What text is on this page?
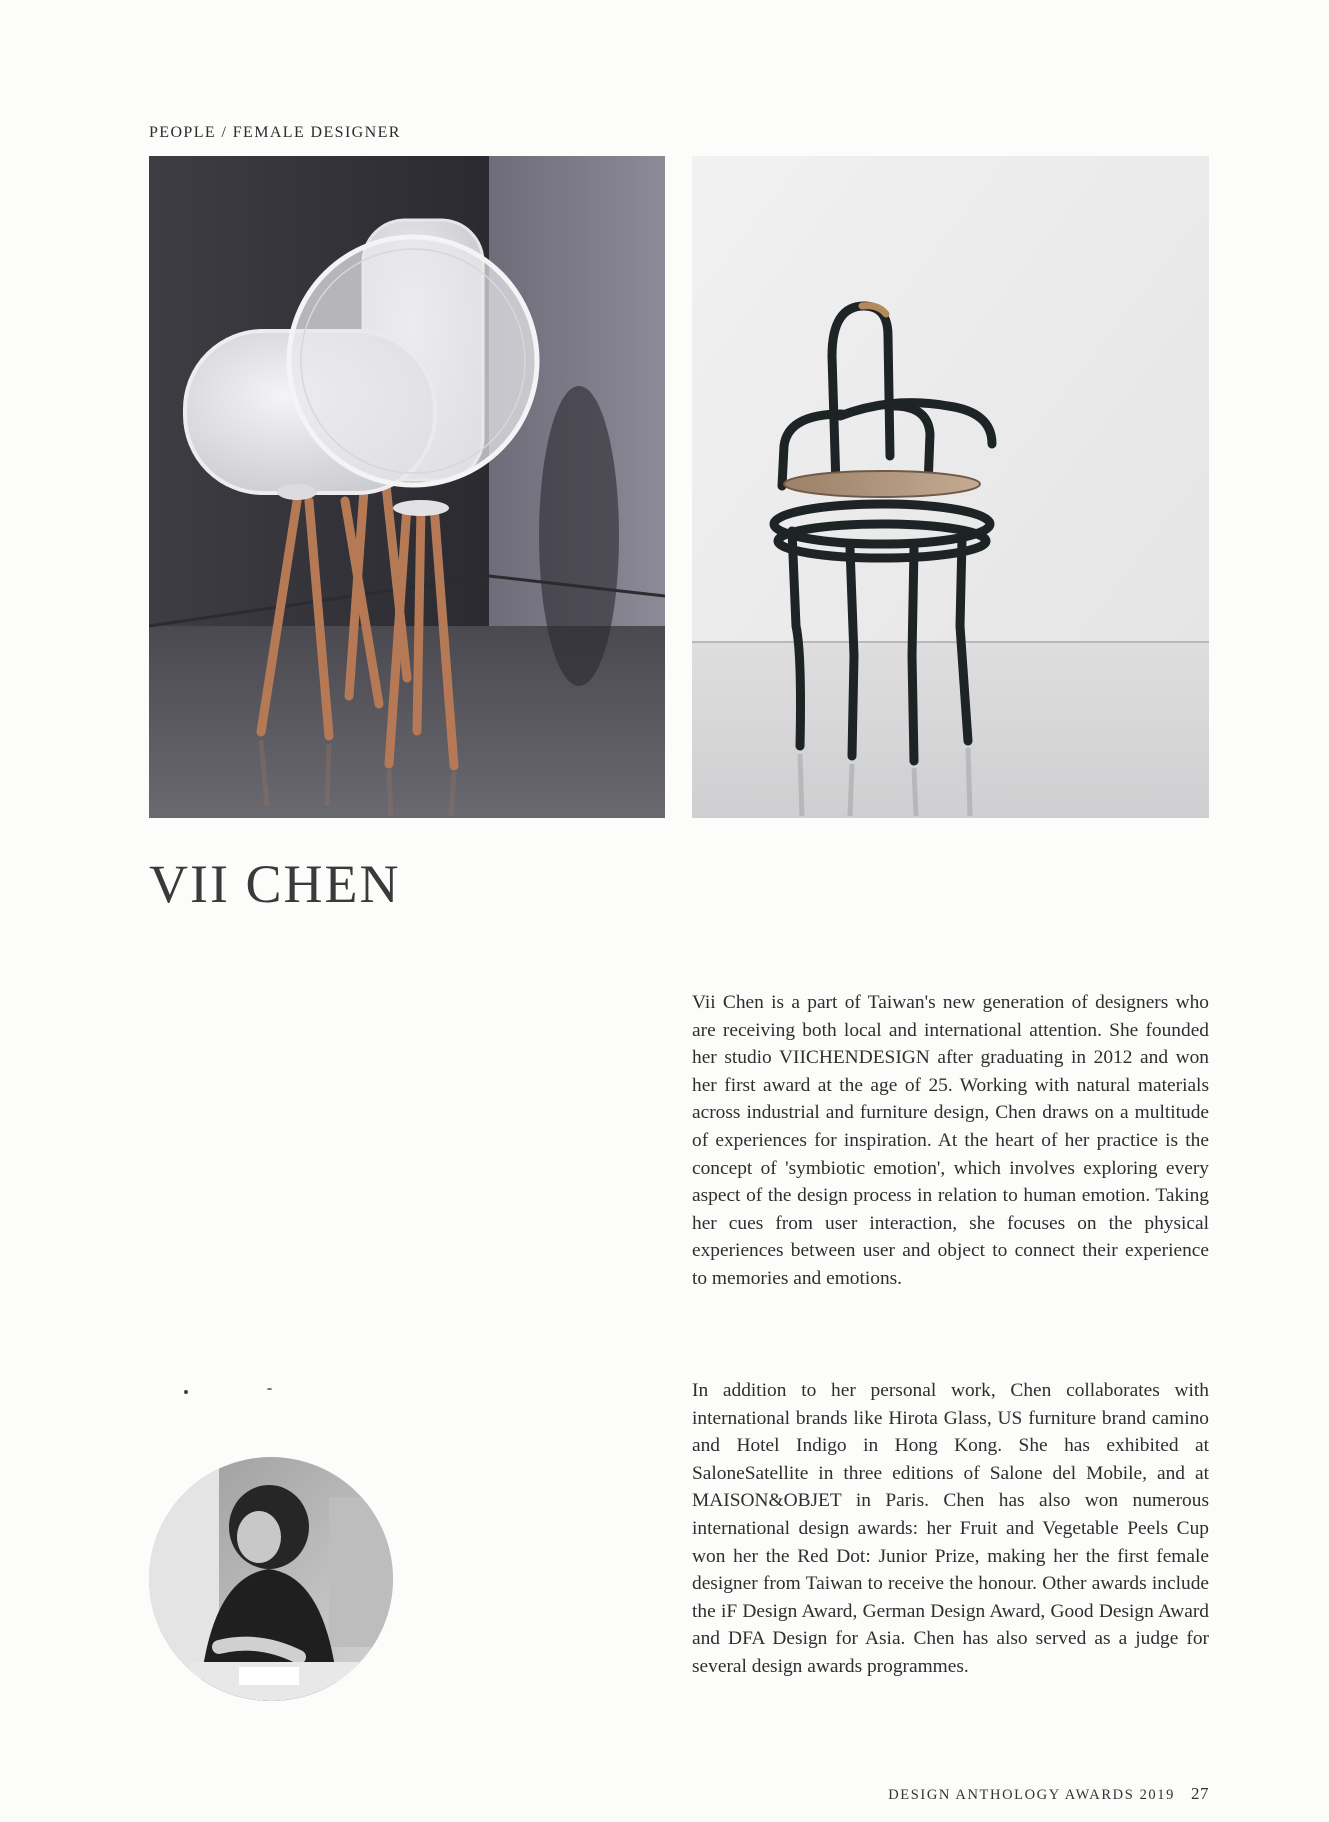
PEOPLE / FEMALE DESIGNER
VII CHEN

Vii Chen is a part of Taiwan's new generation of designers who are receiving both local and international attention. She founded her studio VIICHENDESIGN after graduating in 2012 and won her first award at the age of 25. Working with natural materials across industrial and furniture design, Chen draws on a multitude of experiences for inspiration. At the heart of her practice is the concept of 'symbiotic emotion', which involves exploring every aspect of the design process in relation to human emotion. Taking her cues from user interaction, she focuses on the physical experiences between user and object to connect their experience to memories and emotions.

In addition to her personal work, Chen collaborates with international brands like Hirota Glass, US furniture brand camino and Hotel Indigo in Hong Kong. She has exhibited at SaloneSatellite in three editions of Salone del Mobile, and at MAISON&OBJET in Paris. Chen has also won numerous international design awards: her Fruit and Vegetable Peels Cup won her the Red Dot: Junior Prize, making her the first female designer from Taiwan to receive the honour. Other awards include the iF Design Award, German Design Award, Good Design Award and DFA Design for Asia. Chen has also served as a judge for several design awards programmes.

DESIGN ANTHOLOGY AWARDS 2019 27
